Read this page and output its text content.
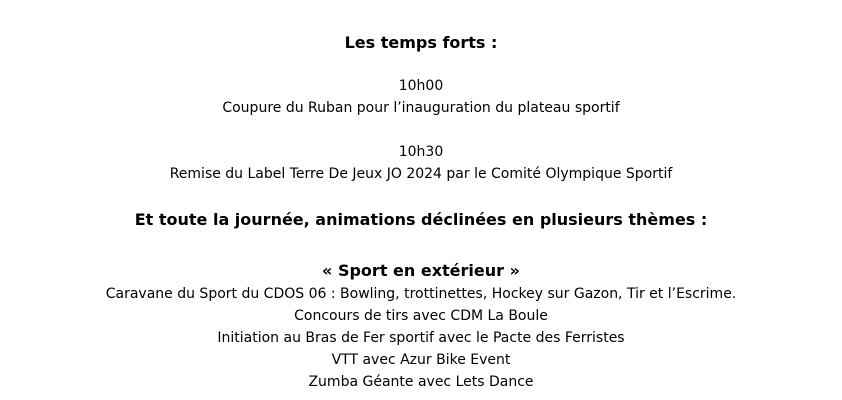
Les temps forts :
10h00
Coupure du Ruban pour l’inauguration du plateau sportif
10h30
Remise du Label Terre De Jeux JO 2024 par le Comité Olympique Sportif
Et toute la journée, animations déclinées en plusieurs thèmes :
« Sport en extérieur »
Caravane du Sport du CDOS 06 : Bowling, trottinettes, Hockey sur Gazon, Tir et l’Escrime.
Concours de tirs avec CDM La Boule
Initiation au Bras de Fer sportif avec le Pacte des Ferristes
VTT avec Azur Bike Event
Zumba Géante avec Lets Dance
